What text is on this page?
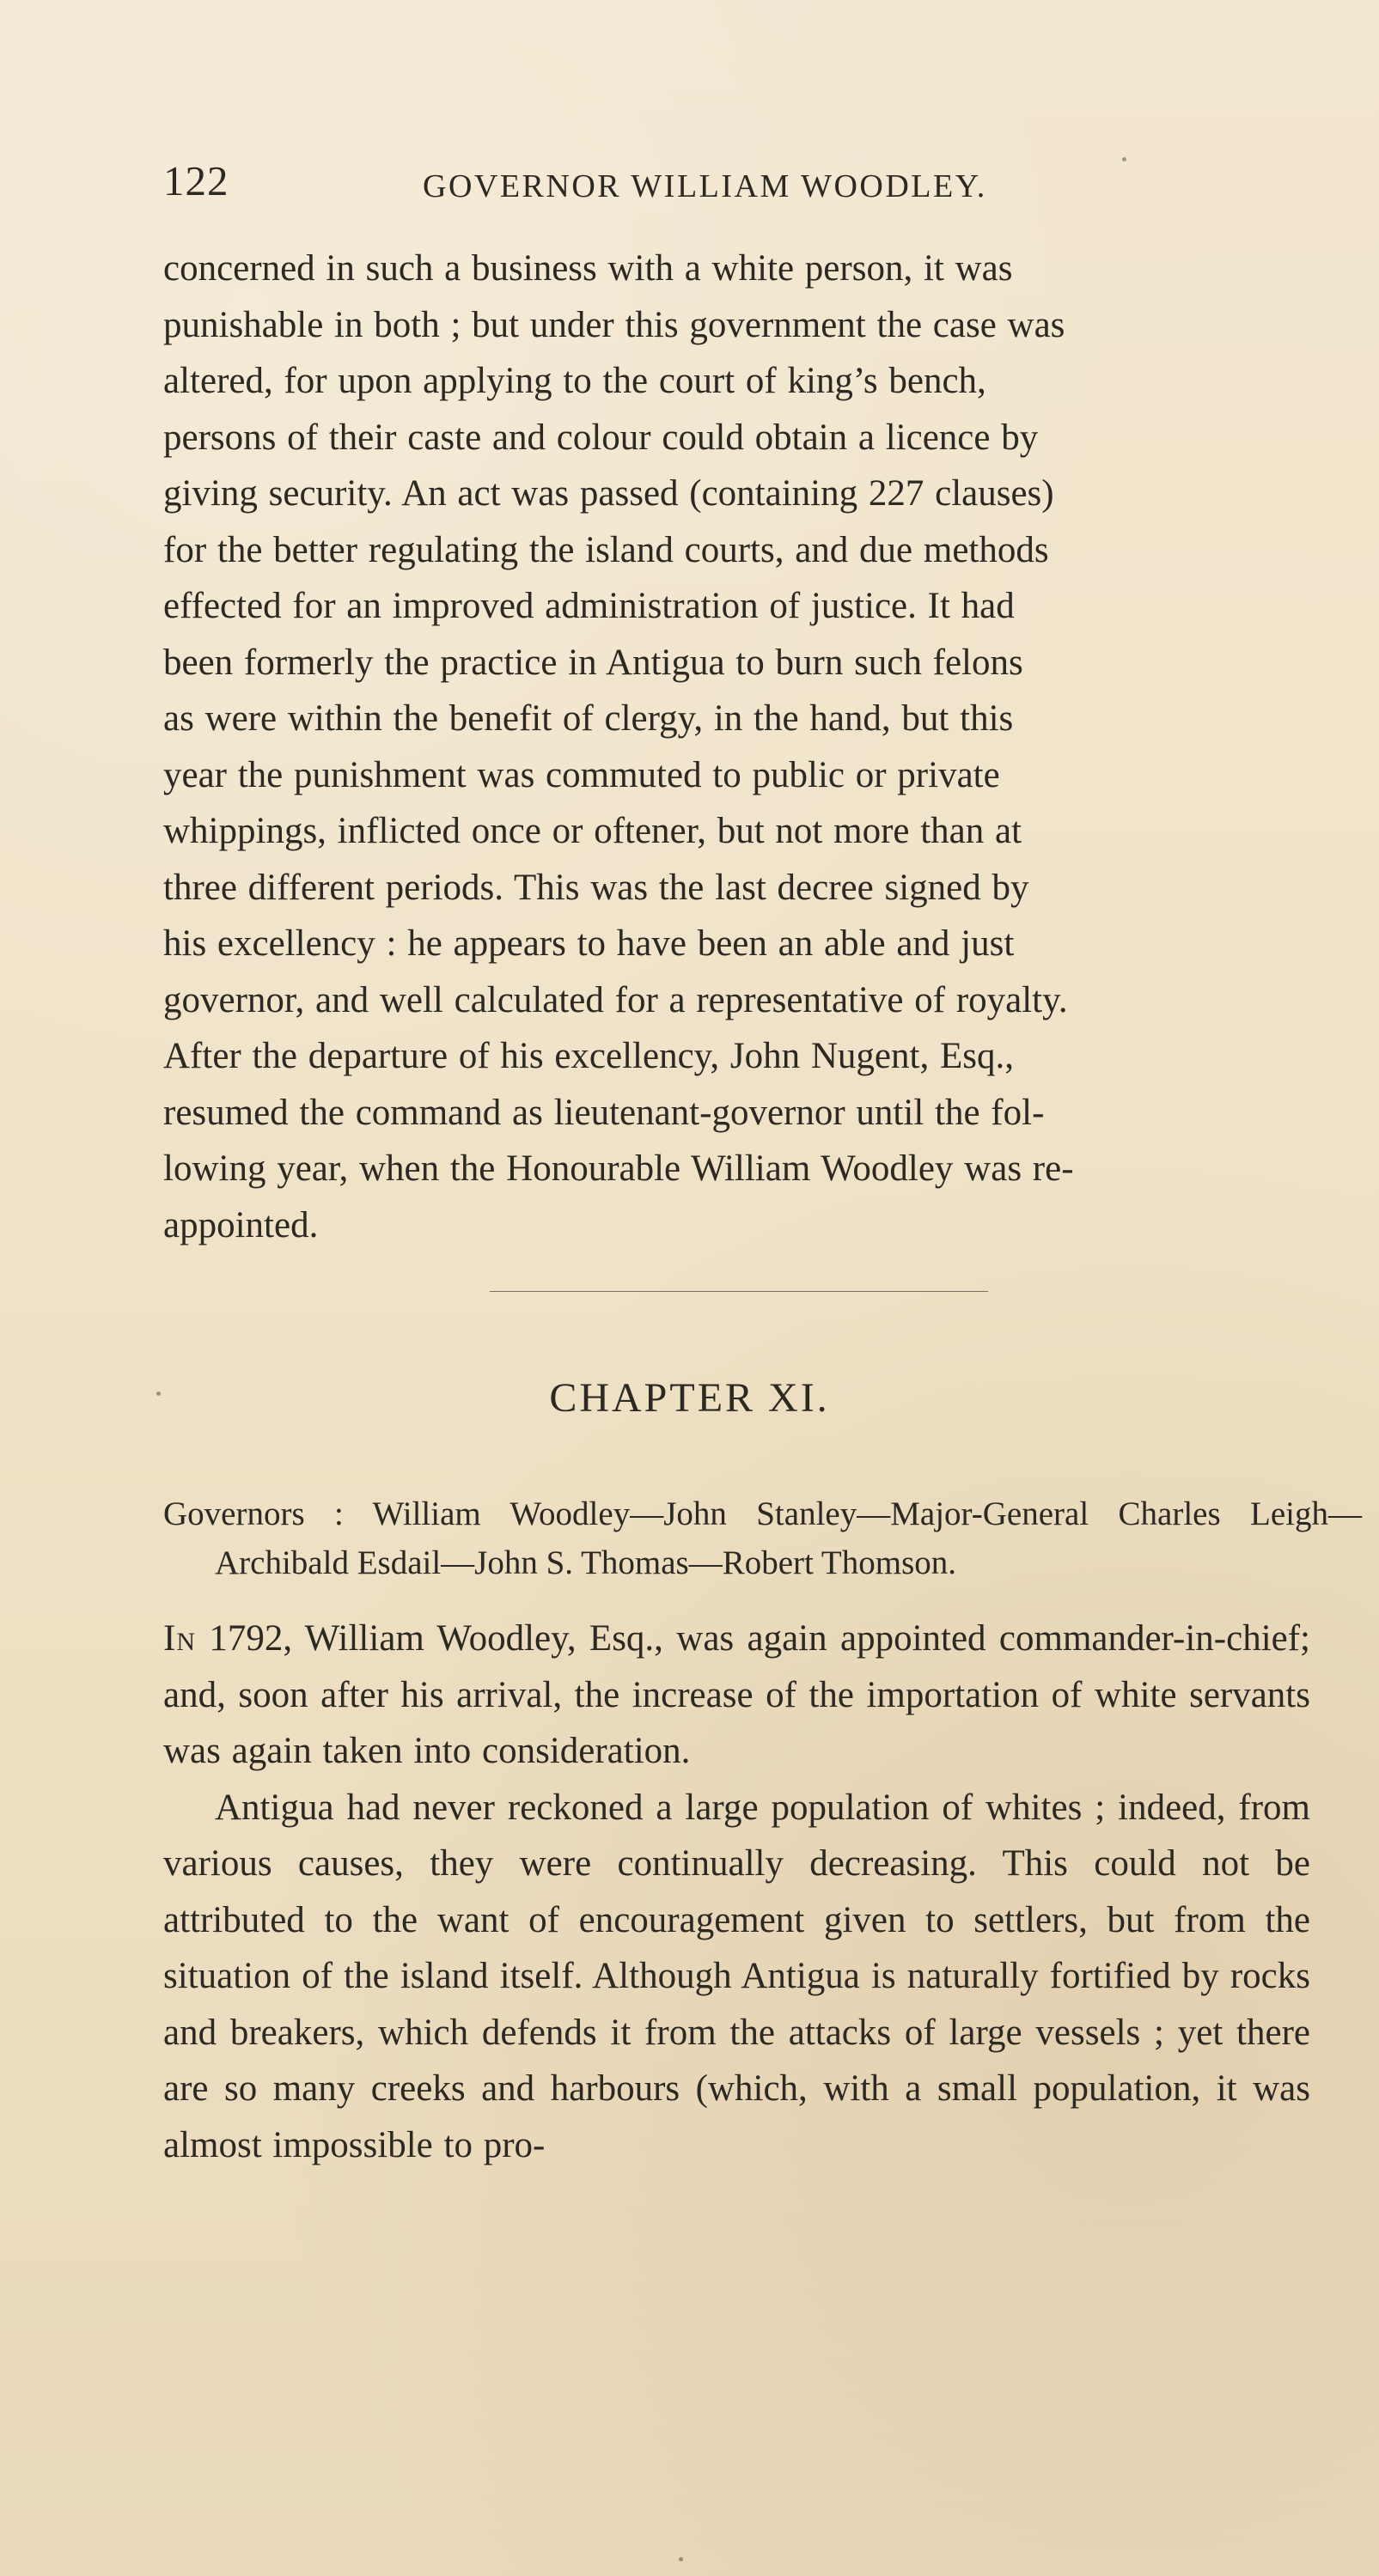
122	GOVERNOR WILLIAM WOODLEY.

concerned in such a business with a white person, it was
punishable in both ; but under this government the case was
altered, for upon applying to the court of king’s bench,
persons of their caste and colour could obtain a licence by
giving security. An act was passed (containing 227 clauses)
for the better regulating the island courts, and due methods
effected for an improved administration of justice. It had
been formerly the practice in Antigua to burn such felons
as were within the benefit of clergy, in the hand, but this
year the punishment was commuted to public or private
whippings, inflicted once or oftener, but not more than at
three different periods. This was the last decree signed by
his excellency : he appears to have been an able and just
governor, and well calculated for a representative of royalty.
After the departure of his excellency, John Nugent, Esq.,
resumed the command as lieutenant-governor until the fol-
lowing year, when the Honourable William Woodley was re-
appointed.

CHAPTER XI.
Governors : William Woodley—John Stanley—Major-General Charles Leigh—Archibald Esdail—John S. Thomas—Robert Thomson.

In 1792, William Woodley, Esq., was again appointed commander-in-chief; and, soon after his arrival, the increase of the importation of white servants was again taken into consideration.

Antigua had never reckoned a large population of whites ; indeed, from various causes, they were continually decreasing. This could not be attributed to the want of encouragement given to settlers, but from the situation of the island itself. Although Antigua is naturally fortified by rocks and breakers, which defends it from the attacks of large vessels ; yet there are so many creeks and harbours (which, with a small population, it was almost impossible to pro-
